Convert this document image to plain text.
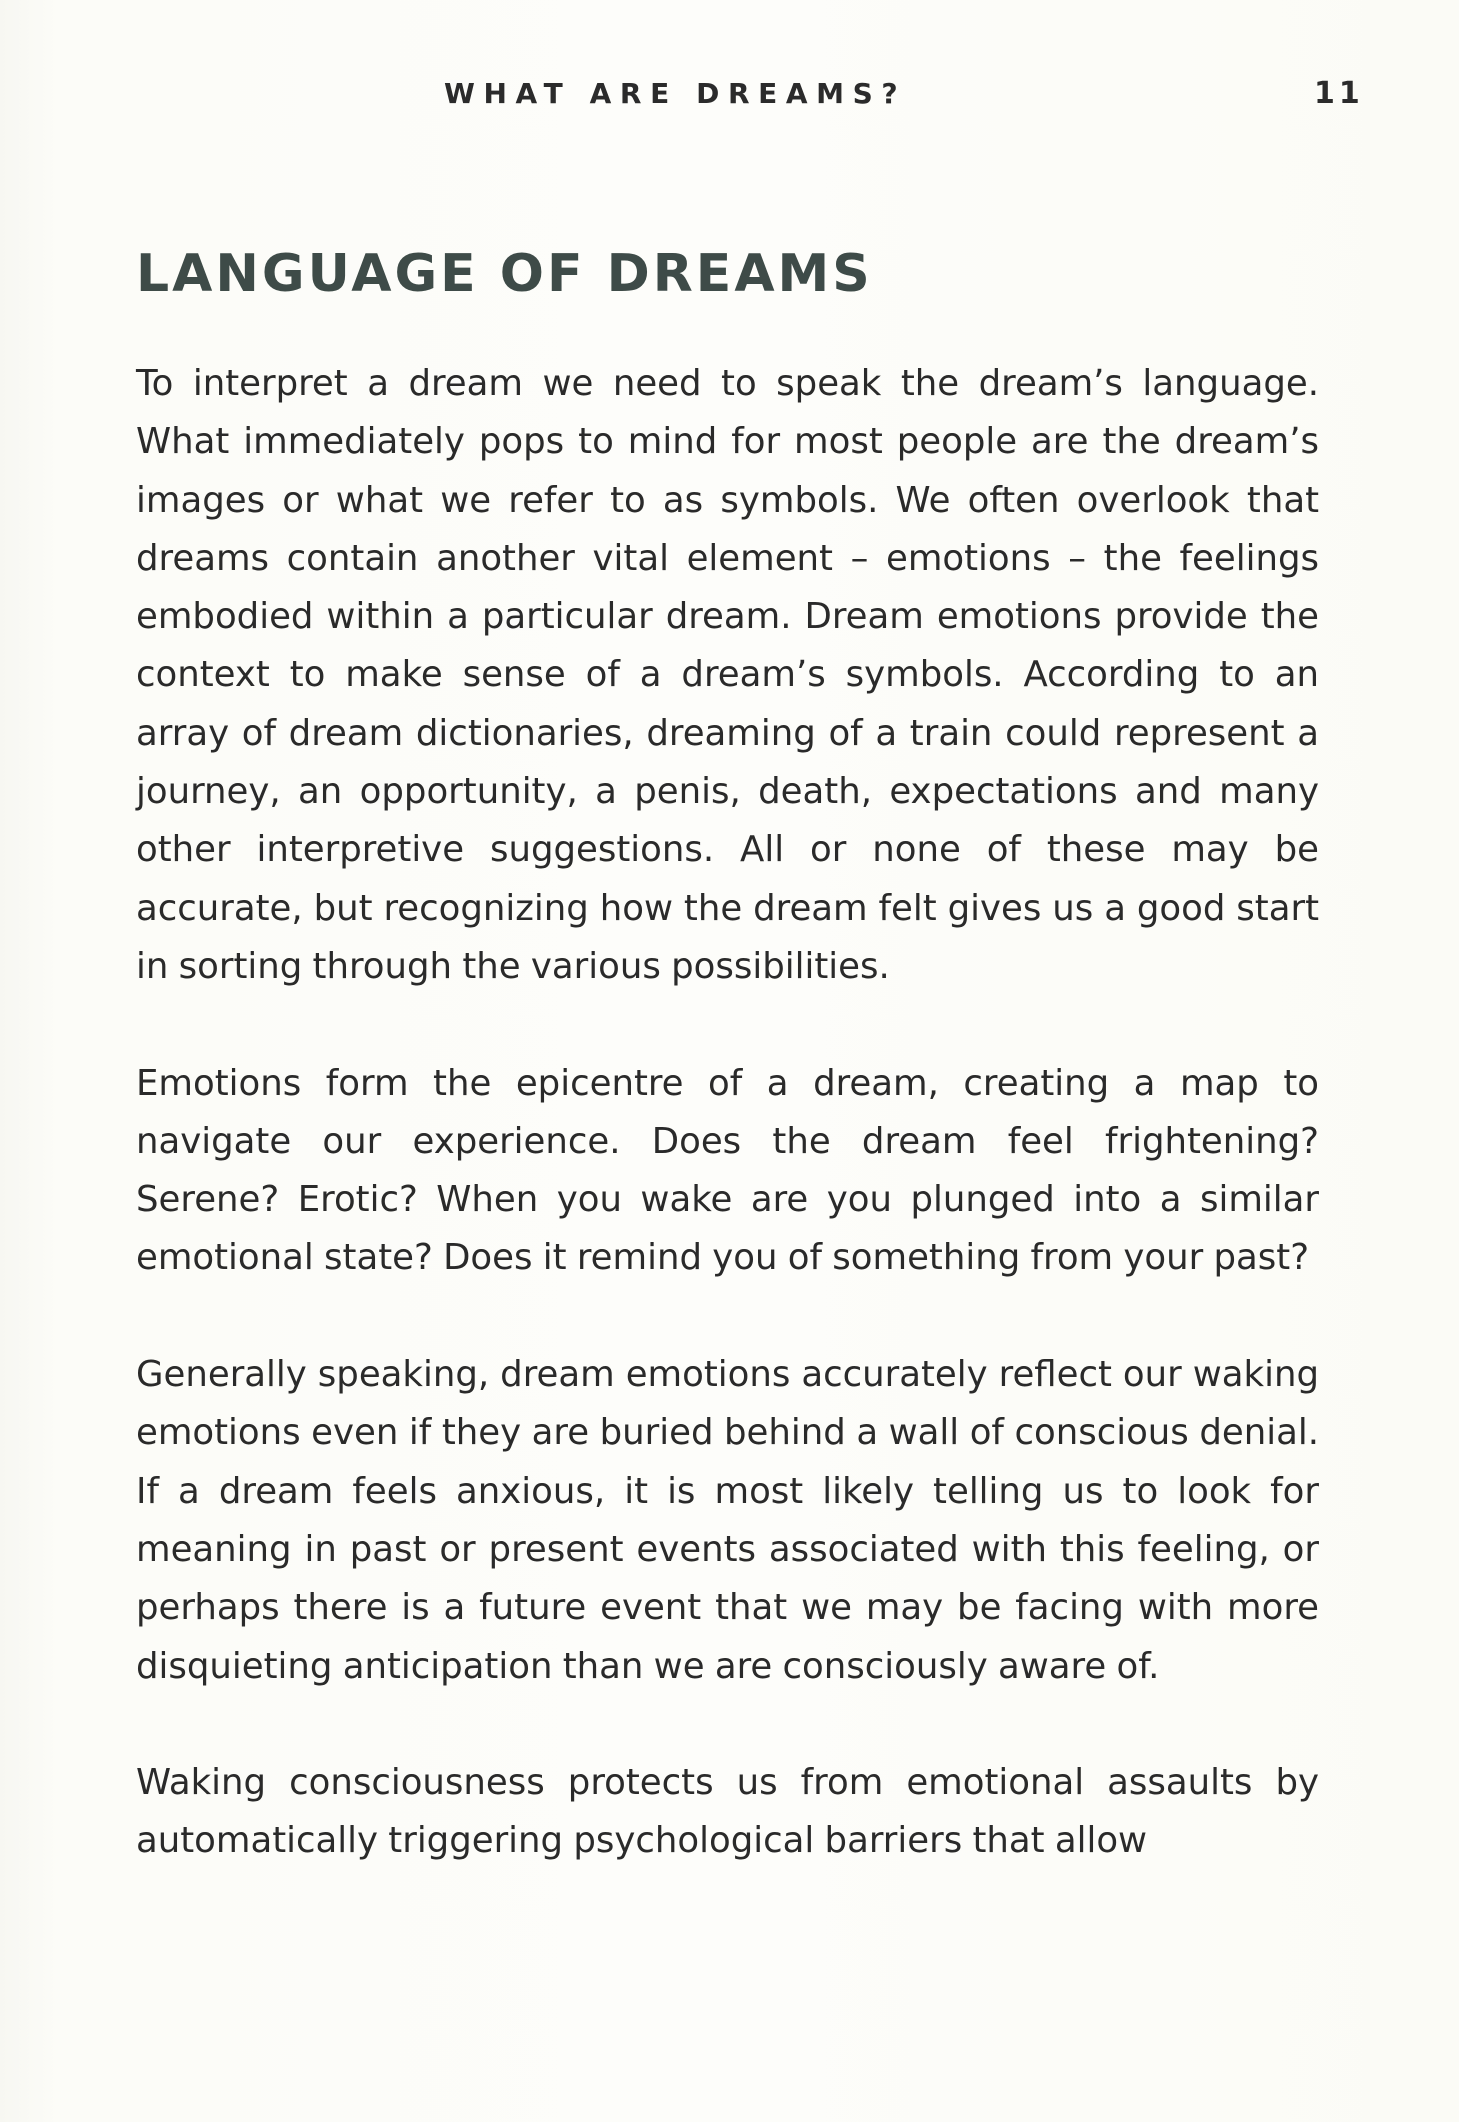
WHAT ARE DREAMS?	11
LANGUAGE OF DREAMS

To interpret a dream we need to speak the dream’s language. What immediately pops to mind for most people are the dream’s images or what we refer to as symbols. We often overlook that dreams contain another vital element – emotions – the feelings embodied within a particular dream. Dream emotions provide the context to make sense of a dream’s symbols. According to an array of dream dictionaries, dreaming of a train could represent a journey, an opportunity, a penis, death, expectations and many other interpretive suggestions. All or none of these may be accurate, but recognizing how the dream felt gives us a good start in sorting through the various possibilities.

Emotions form the epicentre of a dream, creating a map to navigate our experience. Does the dream feel frightening? Serene? Erotic? When you wake are you plunged into a similar emotional state? Does it remind you of something from your past?

Generally speaking, dream emotions accurately reflect our waking emotions even if they are buried behind a wall of conscious denial. If a dream feels anxious, it is most likely telling us to look for meaning in past or present events associated with this feeling, or perhaps there is a future event that we may be facing with more disquieting anticipation than we are consciously aware of.

Waking consciousness protects us from emotional assaults by automatically triggering psychological barriers that allow
